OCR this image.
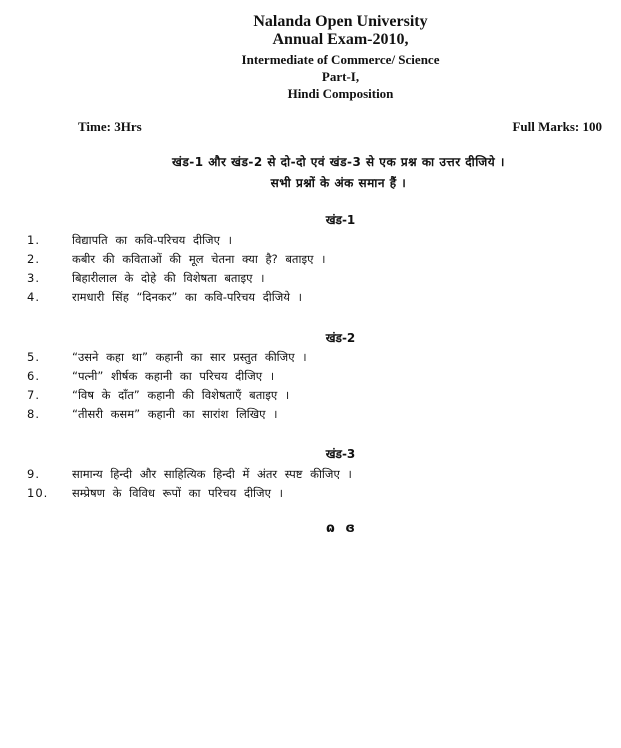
Nalanda Open University
Annual Exam-2010,
Intermediate of Commerce/ Science
Part-I,
Hindi Composition
Time: 3Hrs	Full Marks: 100
खंड-1 और खंड-2 से दो-दो एवं खंड-3 से एक प्रश्न का उत्तर दीजिये ।
सभी प्रश्नों के अंक समान हैं ।
खंड-1
1.	विद्यापति का कवि-परिचय दीजिए ।
2.	कबीर की कविताओं की मूल चेतना क्या है? बताइए ।
3.	बिहारीलाल के दोहे की विशेषता बताइए ।
4.	रामधारी सिंह “दिनकर” का कवि-परिचय दीजिये ।
खंड-2
5.	“उसने कहा था” कहानी का सार प्रस्तुत कीजिए ।
6.	“पत्नी” शीर्षक कहानी का परिचय दीजिए ।
7.	“विष के दाँत” कहानी की विशेषताएँ बताइए ।
8.	“तीसरी कसम” कहानी का सारांश लिखिए ।
खंड-3
9.	सामान्य हिन्दी और साहित्यिक हिन्दी में अंतर स्पष्ट कीजिए ।
10. सम्प्रेषण के विविध रूपों का परिचय दीजिए ।
ɷ ɞ
